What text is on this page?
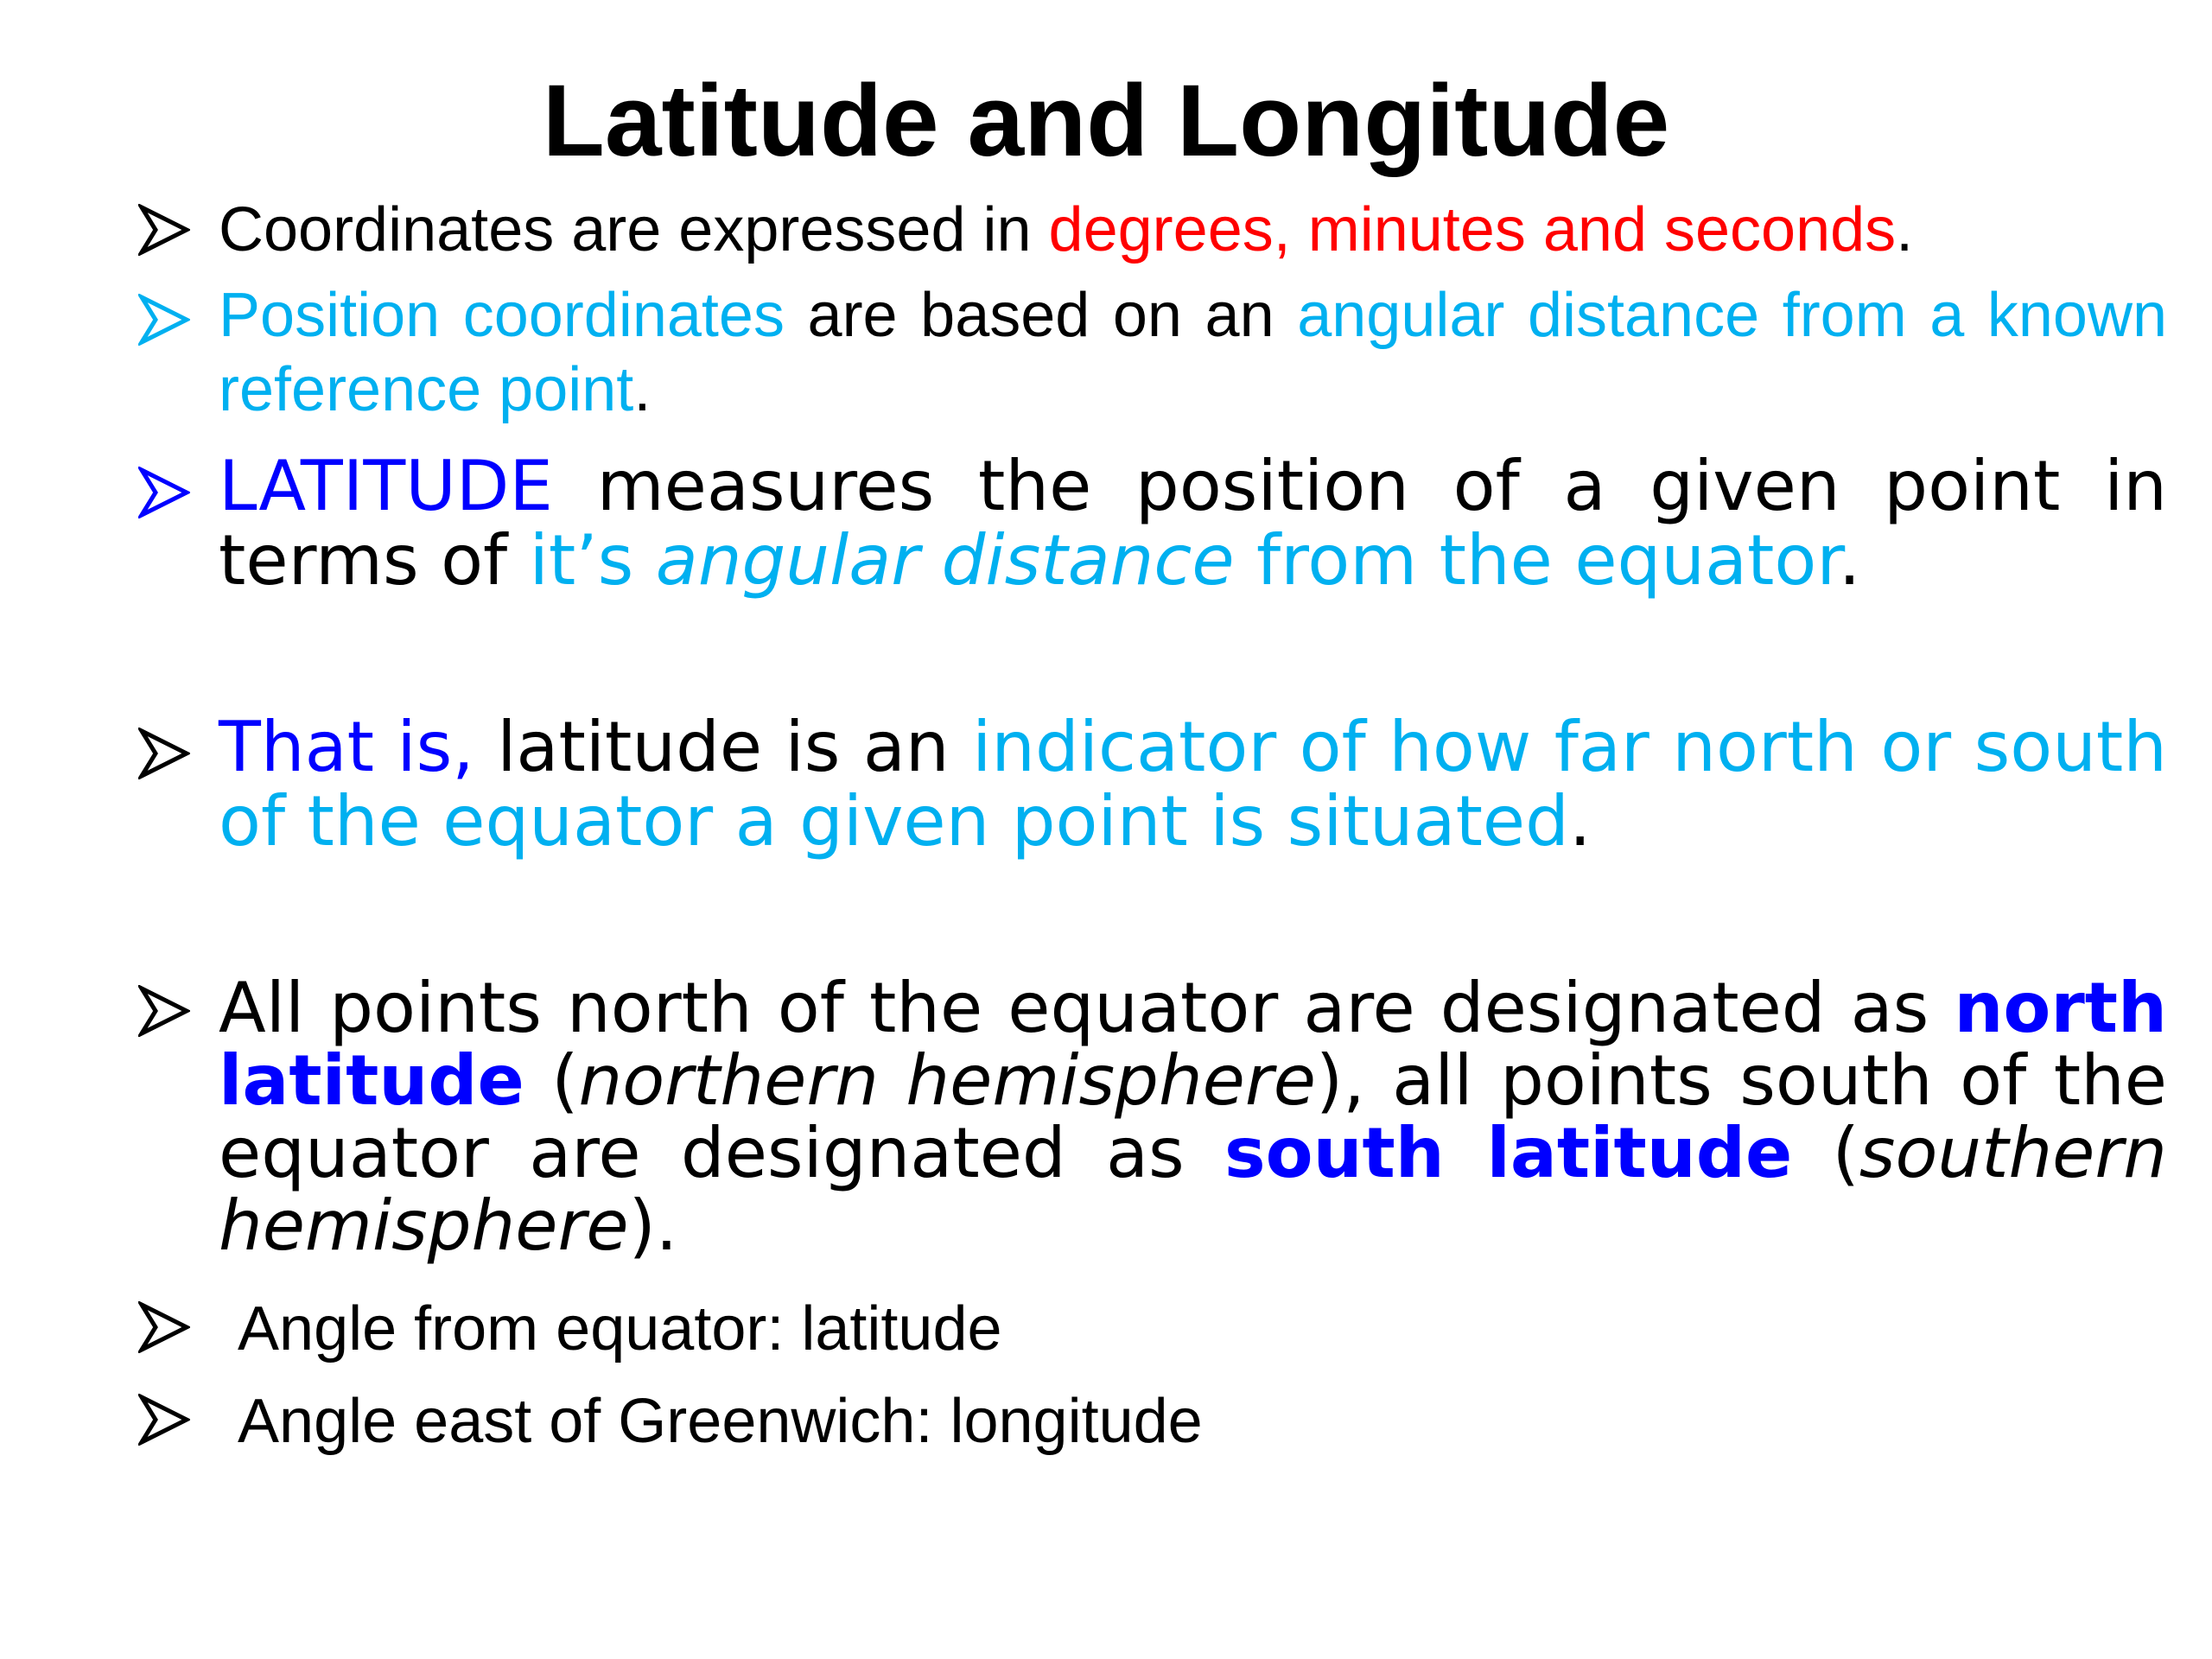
Latitude and Longitude

Coordinates are expressed in degrees, minutes and seconds.

Position coordinates are based on an angular distance from a known reference point.

LATITUDE measures the position of a given point in terms of it’s angular distance from the equator.

That is, latitude is an indicator of how far north or south of the equator a given point is situated.

All points north of the equator are designated as north latitude (northern hemisphere), all points south of the equator are designated as south latitude (southern hemisphere).

Angle from equator: latitude

Angle east of Greenwich: longitude
